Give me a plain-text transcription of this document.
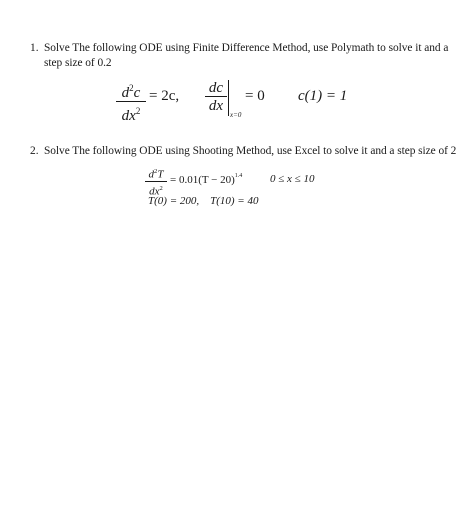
1. Solve The following ODE using Finite Difference Method, use Polymath to solve it and a
step size of 0.2
$d^2c$
$dx^2$
= 2c, dc
dx
x=0
= 0 c(1) = 1
2. Solve The following ODE using Shooting Method, use Excel to solve it and a step size of 2
$d^2T$
$dx^2$
= $0.01(T - 20)^{1.4}$	0 ≤ x ≤ 10
T(0) = 200,    T(10) = 40
